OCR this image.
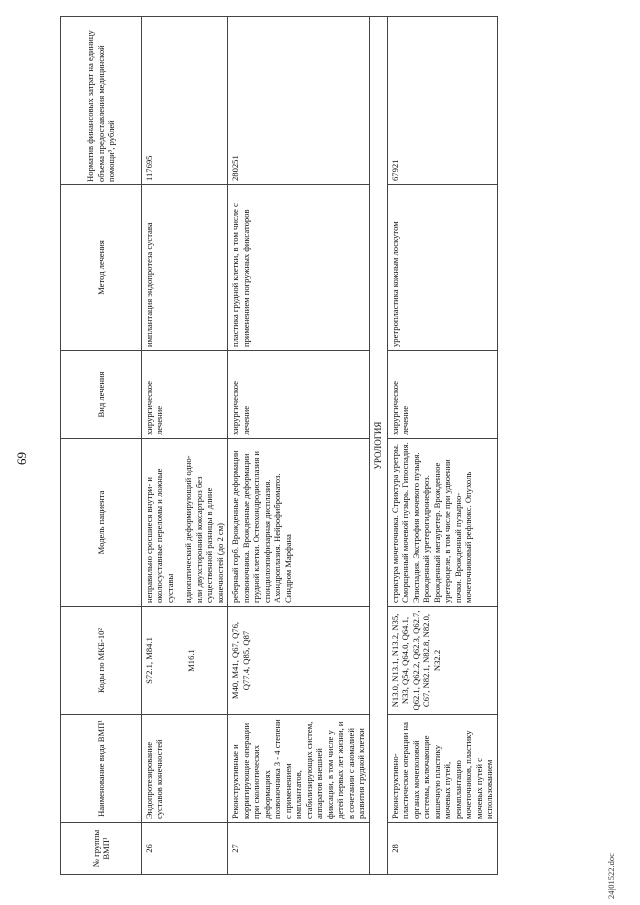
69
№ группы ВМП¹	Наименование вида ВМП¹	Коды по МКБ-10²	Модель пациента	Вид лечения	Метод лечения	Норматив финансовых затрат на единицу объема предоставления медицинской помощи³, рублей
26	Эндопротезирование суставов конечностей	S72.1, M84.1 M16.1	неправильно сросшиеся внутри- и околосуставные переломы и ложные суставы идиопатический деформирующий одно- или двухсторонний коксартроз без существенной разницы в длине конечностей (до 2 см)	хирургическое лечение	имплантация эндопротеза сустава	117695
27	Реконструктивные и корригирующие операции при сколиотических деформациях позвоночника 3 - 4 степени с применением имплантатов, стабилизирующих систем, аппаратов внешней фиксации, в том числе у детей первых лет жизни, и в сочетании с аномалией развития грудной клетки	M40, M41, Q67, Q76, Q77.4, Q85, Q87	реберный горб. Врожденные деформации позвоночника. Врожденные деформации грудной клетки. Остеохондродисплазия и спондилоэпифизарная дисплазия. Ахондроплазия. Нейрофиброматоз. Синдром Марфана	хирургическое лечение	пластика грудной клетки, в том числе с применением погружных фиксаторов	280251
УРОЛОГИЯ						
28	Реконструктивно-пластические операции на органах мочеполовой системы, включающие кишечную пластику мочевых путей, реимплантацию мочеточников, пластику мочевых путей с использованием	N13.0, N13.1, N13.2, N35, N33, Q54, Q64.0, Q64.1, Q62.1, Q62.2, Q62.3, Q62.7, C67, N82.1, N82.8, N82.0, N32.2	стриктура мочеточника. Стриктура уретры. Сморщенный мочевой пузырь. Гипоспадия. Эписпадия. Экстрофия мочевого пузыря. Врожденный уретерогидронефроз. Врожденный мегауретер. Врожденное уретероцеле, в том числе при удвоении почки. Врожденный пузырно-мочеточниковый рефлюкс. Опухоль	хирургическое лечение	уретропластика кожным лоскутом	67921
24|01522.doc
